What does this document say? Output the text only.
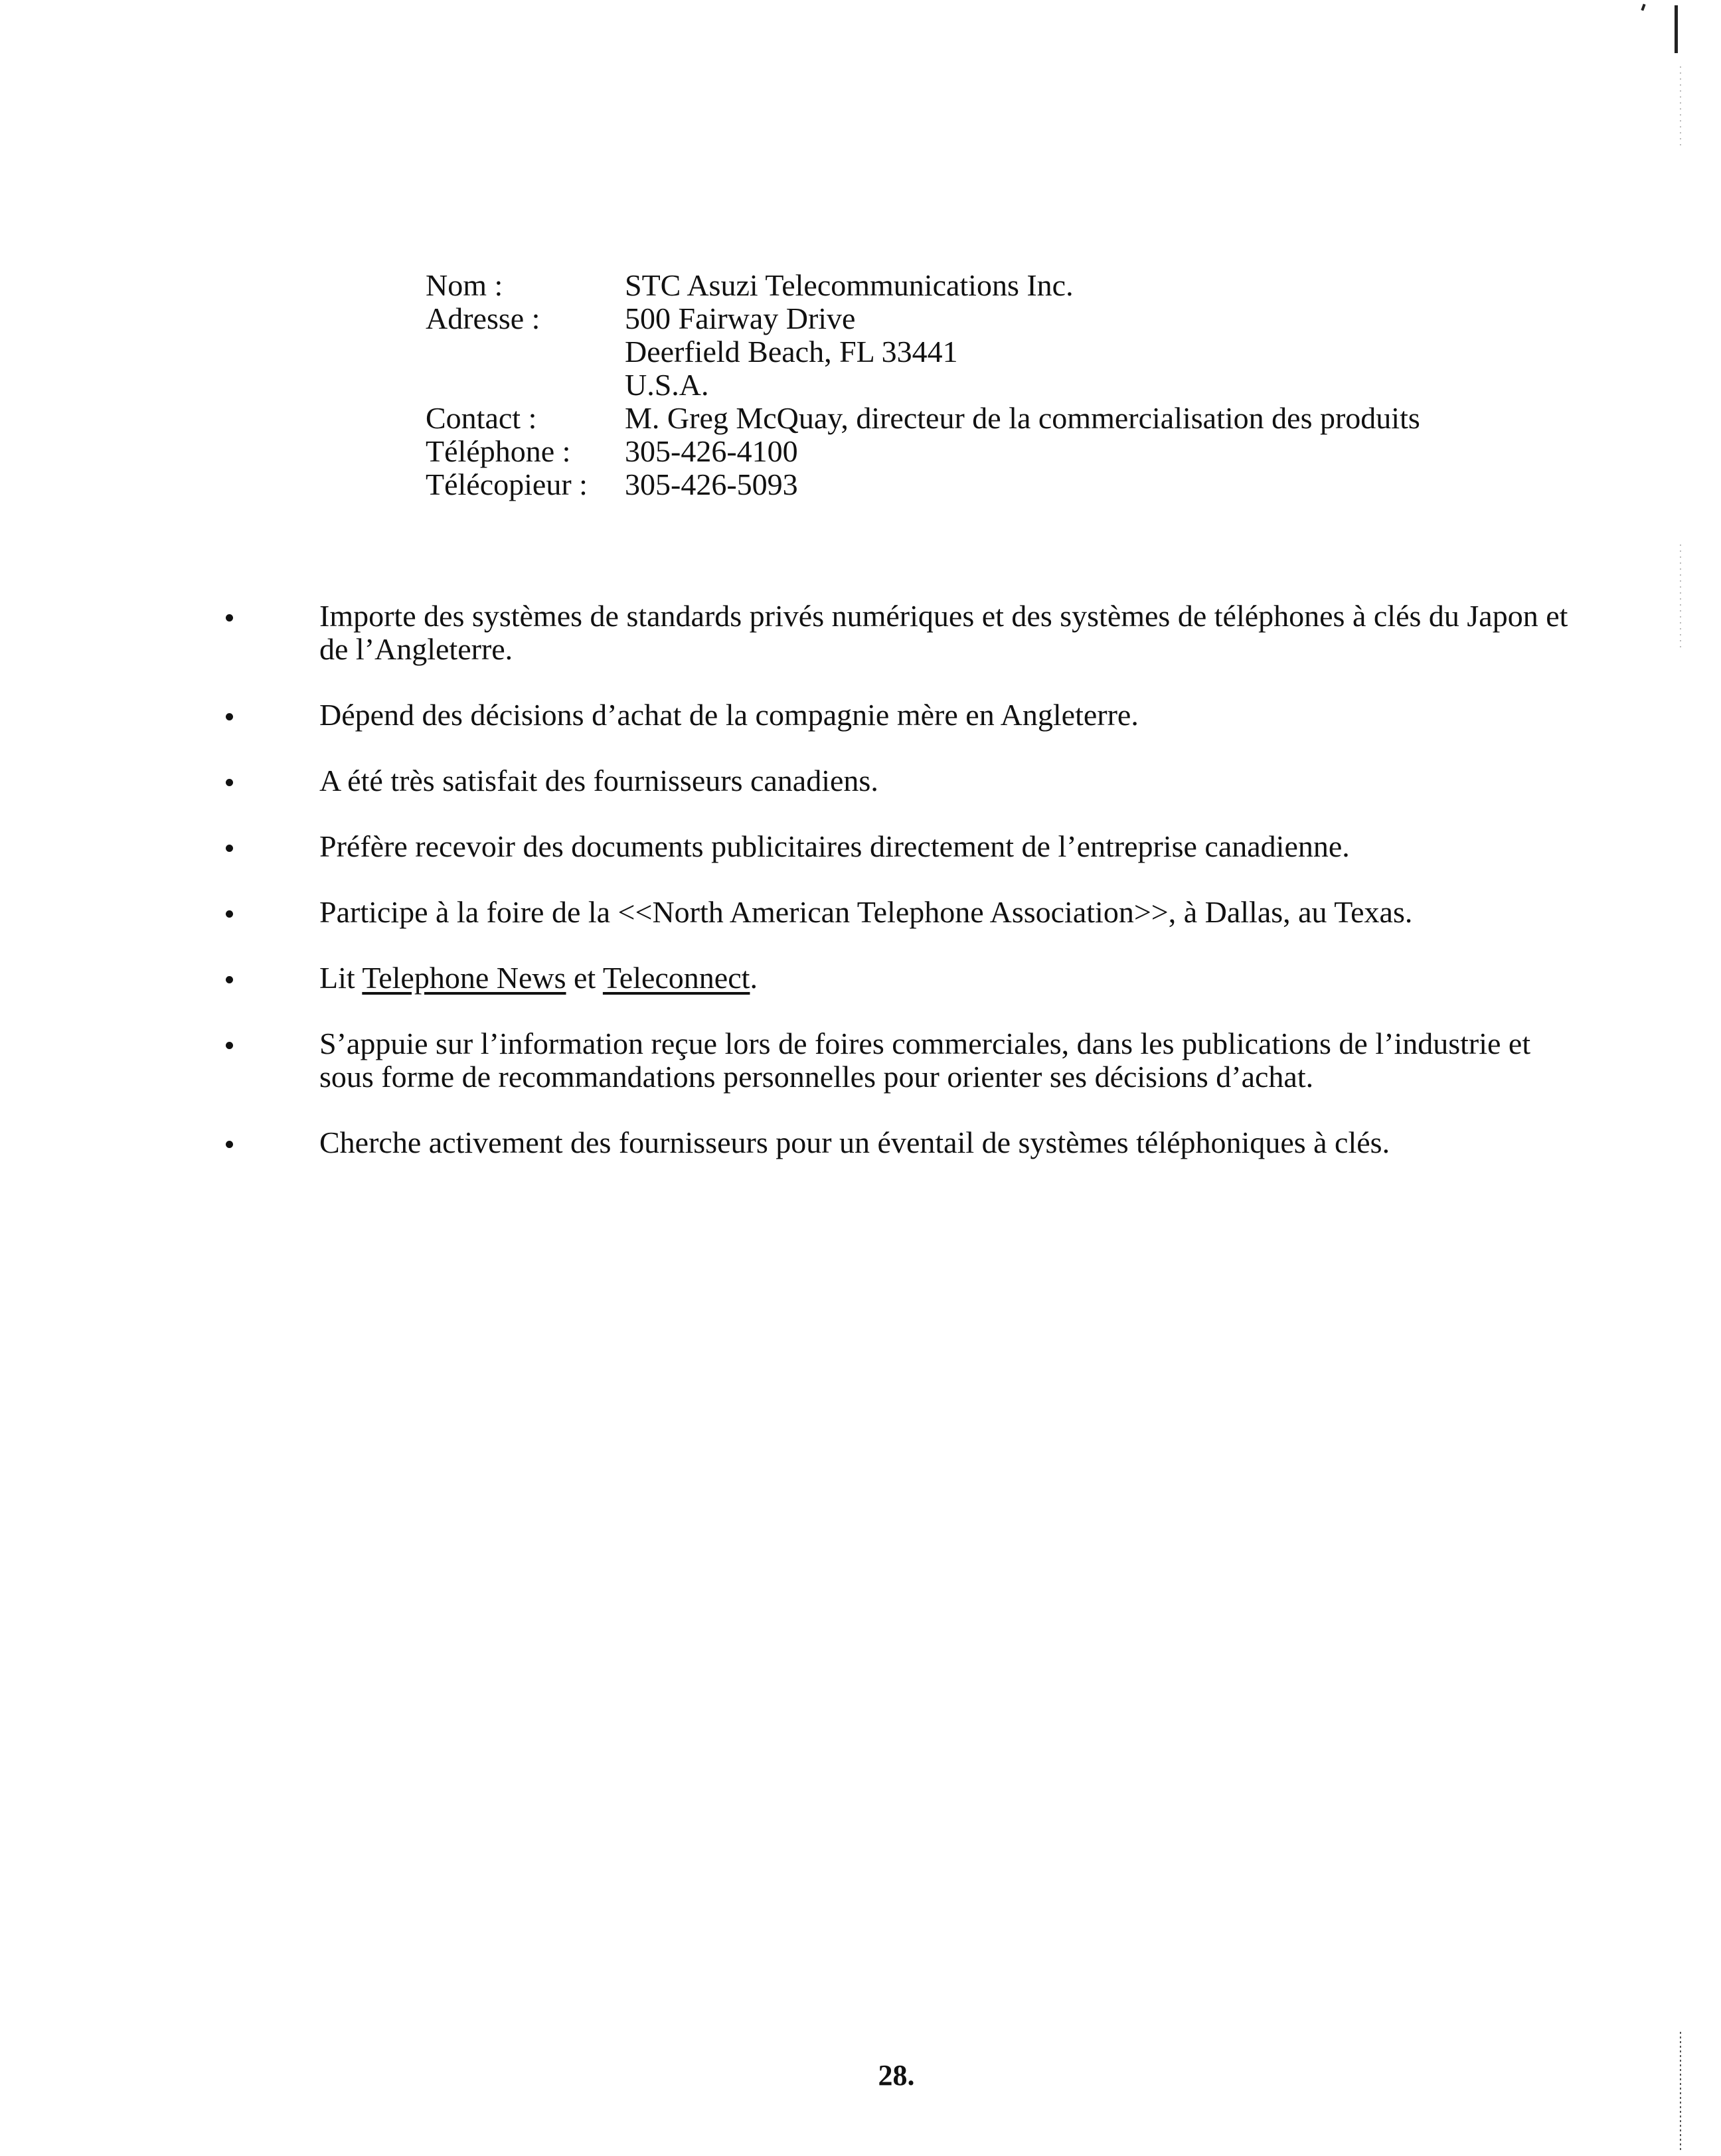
Nom :	STC Asuzi Telecommunications Inc.
Adresse :	500 Fairway Drive
Deerfield Beach, FL 33441
U.S.A.
Contact :	M. Greg McQuay, directeur de la commercialisation des produits
Téléphone :	305-426-4100
Télécopieur :	305-426-5093
Importe des systèmes de standards privés numériques et des systèmes de téléphones à clés du Japon et de l’Angleterre.
Dépend des décisions d’achat de la compagnie mère en Angleterre.
A été très satisfait des fournisseurs canadiens.
Préfère recevoir des documents publicitaires directement de l’entreprise canadienne.
Participe à la foire de la <<North American Telephone Association>>, à Dallas, au Texas.
Lit Telephone News et Teleconnect.
S’appuie sur l’information reçue lors de foires commerciales, dans les publications de l’industrie et sous forme de recommandations personnelles pour orienter ses décisions d’achat.
Cherche activement des fournisseurs pour un éventail de systèmes téléphoniques à clés.
28.
